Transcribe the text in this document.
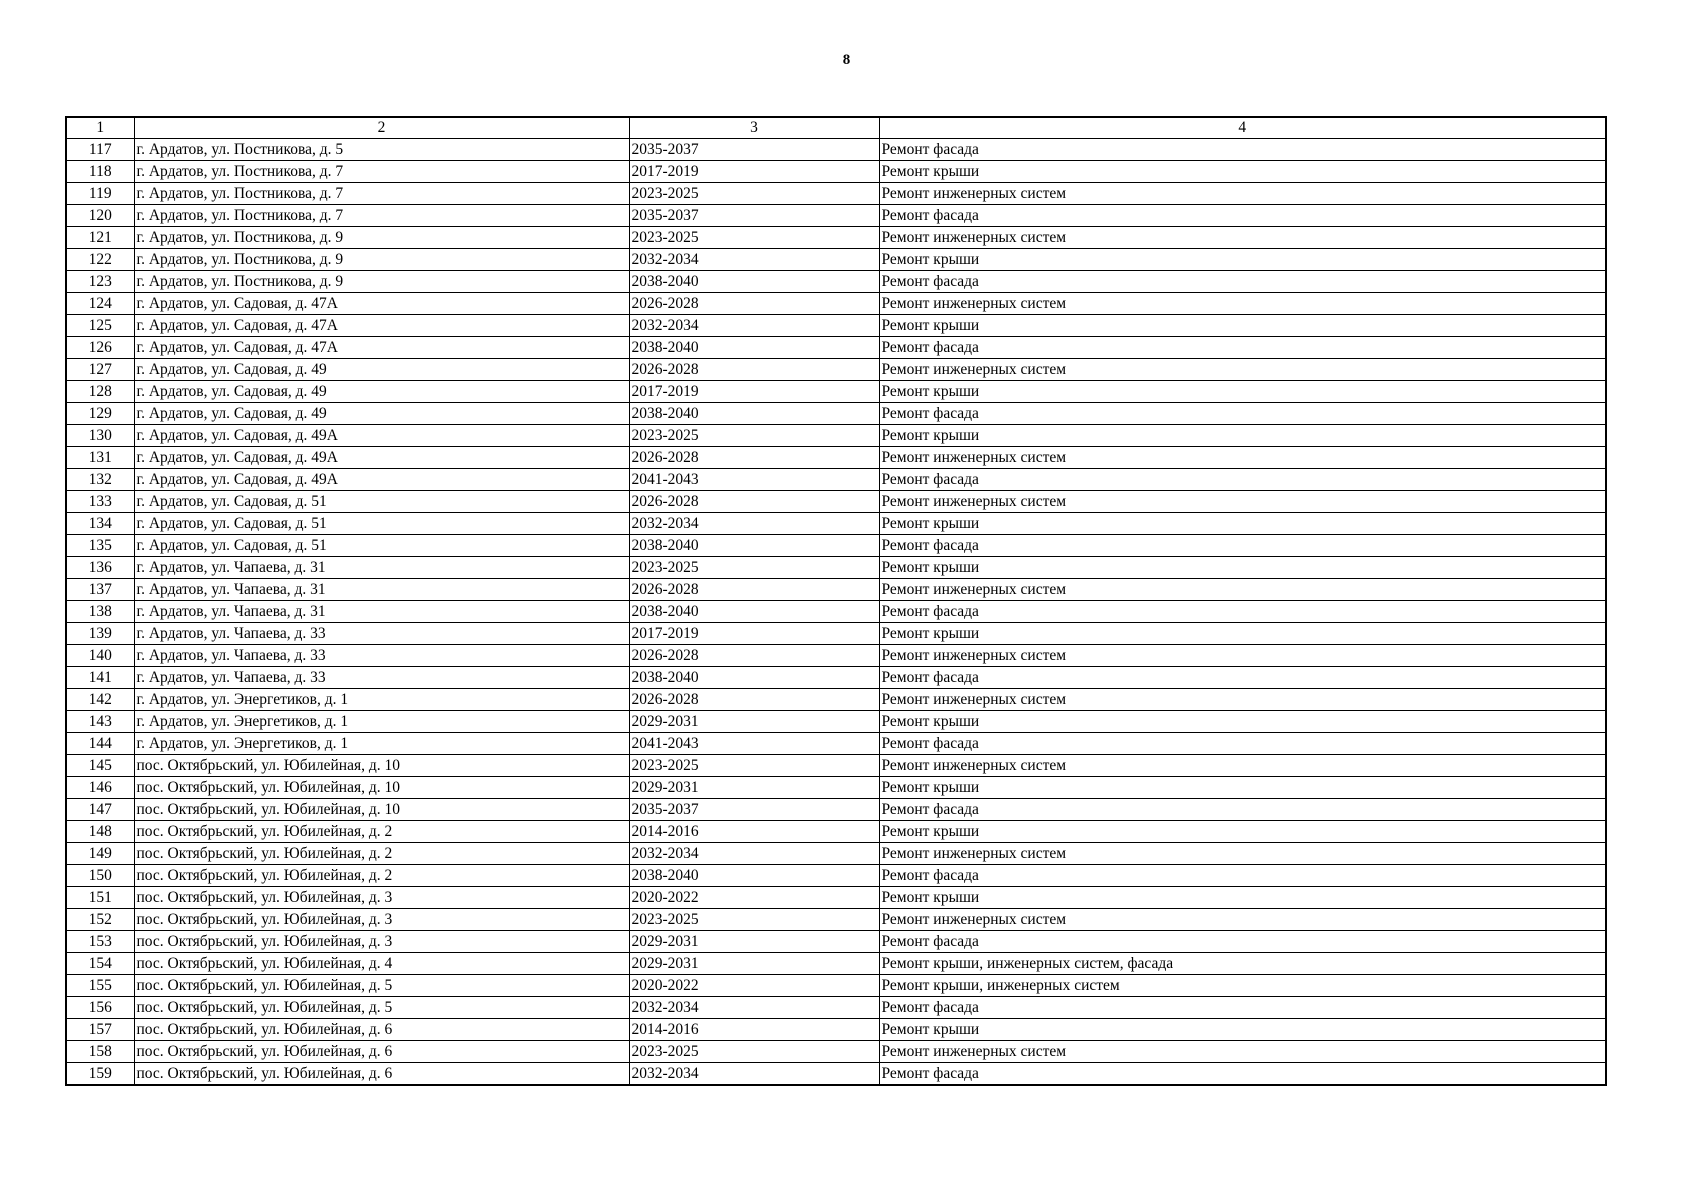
8
1	2	3	4
117	г. Ардатов, ул. Постникова, д. 5	2035-2037	Ремонт фасада
118	г. Ардатов, ул. Постникова, д. 7	2017-2019	Ремонт крыши
119	г. Ардатов, ул. Постникова, д. 7	2023-2025	Ремонт инженерных систем
120	г. Ардатов, ул. Постникова, д. 7	2035-2037	Ремонт фасада
121	г. Ардатов, ул. Постникова, д. 9	2023-2025	Ремонт инженерных систем
122	г. Ардатов, ул. Постникова, д. 9	2032-2034	Ремонт крыши
123	г. Ардатов, ул. Постникова, д. 9	2038-2040	Ремонт фасада
124	г. Ардатов, ул. Садовая, д. 47А	2026-2028	Ремонт инженерных систем
125	г. Ардатов, ул. Садовая, д. 47А	2032-2034	Ремонт крыши
126	г. Ардатов, ул. Садовая, д. 47А	2038-2040	Ремонт фасада
127	г. Ардатов, ул. Садовая, д. 49	2026-2028	Ремонт инженерных систем
128	г. Ардатов, ул. Садовая, д. 49	2017-2019	Ремонт крыши
129	г. Ардатов, ул. Садовая, д. 49	2038-2040	Ремонт фасада
130	г. Ардатов, ул. Садовая, д. 49А	2023-2025	Ремонт крыши
131	г. Ардатов, ул. Садовая, д. 49А	2026-2028	Ремонт инженерных систем
132	г. Ардатов, ул. Садовая, д. 49А	2041-2043	Ремонт фасада
133	г. Ардатов, ул. Садовая, д. 51	2026-2028	Ремонт инженерных систем
134	г. Ардатов, ул. Садовая, д. 51	2032-2034	Ремонт крыши
135	г. Ардатов, ул. Садовая, д. 51	2038-2040	Ремонт фасада
136	г. Ардатов, ул. Чапаева, д. 31	2023-2025	Ремонт крыши
137	г. Ардатов, ул. Чапаева, д. 31	2026-2028	Ремонт инженерных систем
138	г. Ардатов, ул. Чапаева, д. 31	2038-2040	Ремонт фасада
139	г. Ардатов, ул. Чапаева, д. 33	2017-2019	Ремонт крыши
140	г. Ардатов, ул. Чапаева, д. 33	2026-2028	Ремонт инженерных систем
141	г. Ардатов, ул. Чапаева, д. 33	2038-2040	Ремонт фасада
142	г. Ардатов, ул. Энергетиков, д. 1	2026-2028	Ремонт инженерных систем
143	г. Ардатов, ул. Энергетиков, д. 1	2029-2031	Ремонт крыши
144	г. Ардатов, ул. Энергетиков, д. 1	2041-2043	Ремонт фасада
145	пос. Октябрьский, ул. Юбилейная, д. 10	2023-2025	Ремонт инженерных систем
146	пос. Октябрьский, ул. Юбилейная, д. 10	2029-2031	Ремонт крыши
147	пос. Октябрьский, ул. Юбилейная, д. 10	2035-2037	Ремонт фасада
148	пос. Октябрьский, ул. Юбилейная, д. 2	2014-2016	Ремонт крыши
149	пос. Октябрьский, ул. Юбилейная, д. 2	2032-2034	Ремонт инженерных систем
150	пос. Октябрьский, ул. Юбилейная, д. 2	2038-2040	Ремонт фасада
151	пос. Октябрьский, ул. Юбилейная, д. 3	2020-2022	Ремонт крыши
152	пос. Октябрьский, ул. Юбилейная, д. 3	2023-2025	Ремонт инженерных систем
153	пос. Октябрьский, ул. Юбилейная, д. 3	2029-2031	Ремонт фасада
154	пос. Октябрьский, ул. Юбилейная, д. 4	2029-2031	Ремонт крыши, инженерных систем, фасада
155	пос. Октябрьский, ул. Юбилейная, д. 5	2020-2022	Ремонт крыши, инженерных систем
156	пос. Октябрьский, ул. Юбилейная, д. 5	2032-2034	Ремонт фасада
157	пос. Октябрьский, ул. Юбилейная, д. 6	2014-2016	Ремонт крыши
158	пос. Октябрьский, ул. Юбилейная, д. 6	2023-2025	Ремонт инженерных систем
159	пос. Октябрьский, ул. Юбилейная, д. 6	2032-2034	Ремонт фасада
